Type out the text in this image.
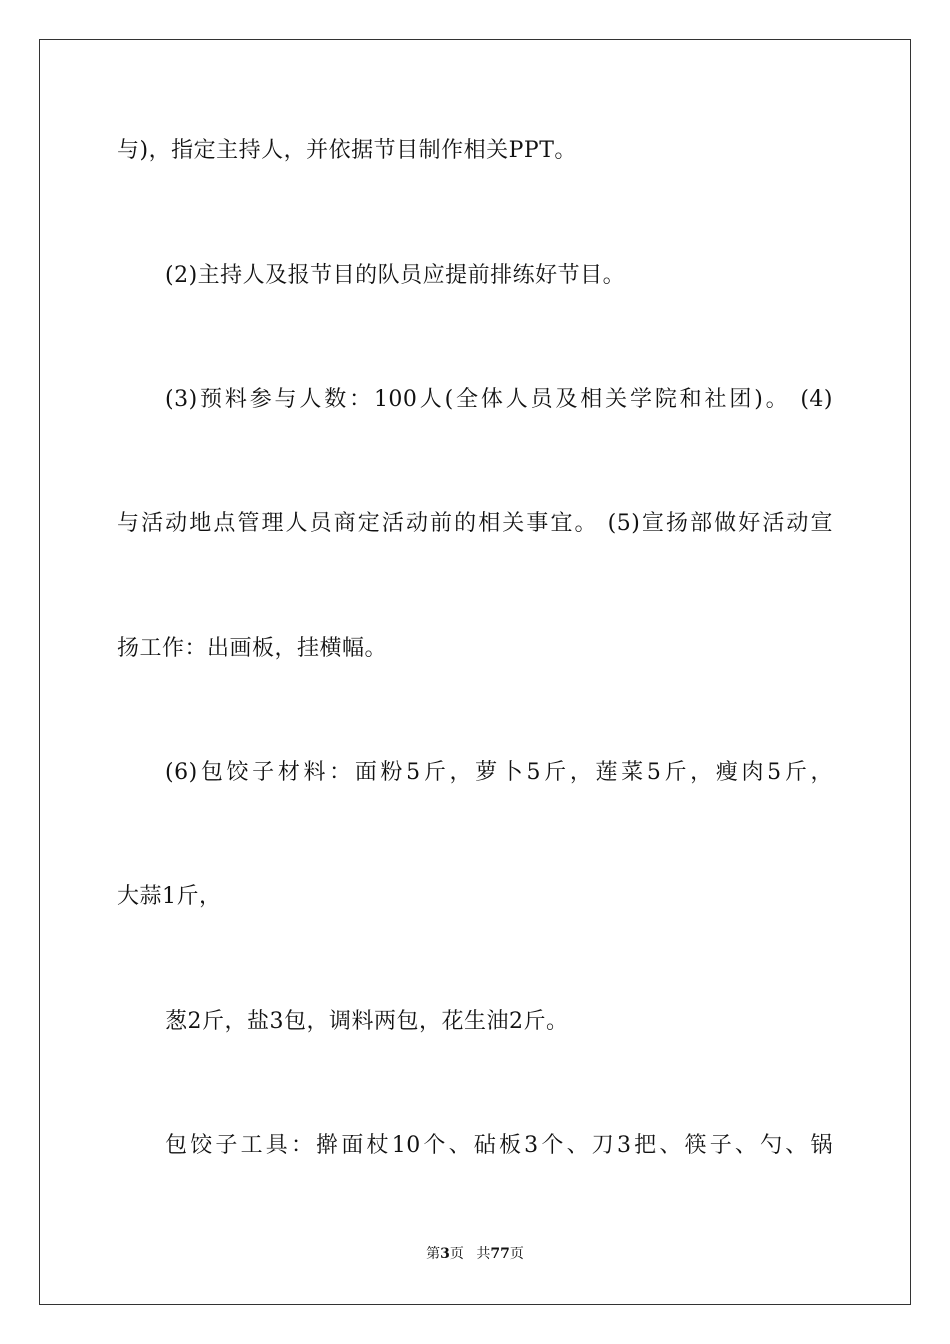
与)，指定主持人，并依据节目制作相关PPT。
(2)主持人及报节目的队员应提前排练好节目。
(3)预料参与人数：100人(全体人员及相关学院和社团)。 (4)
与活动地点管理人员商定活动前的相关事宜。 (5)宣扬部做好活动宣
扬工作：出画板，挂横幅。
(6)包饺子材料：面粉5斤，萝卜5斤，莲菜5斤，瘦肉5斤，
大蒜1斤，
葱2斤，盐3包，调料两包，花生油2斤。
包饺子工具：擀面杖10个、砧板3个、刀3把、筷子、勺、锅
第3页 共77页
